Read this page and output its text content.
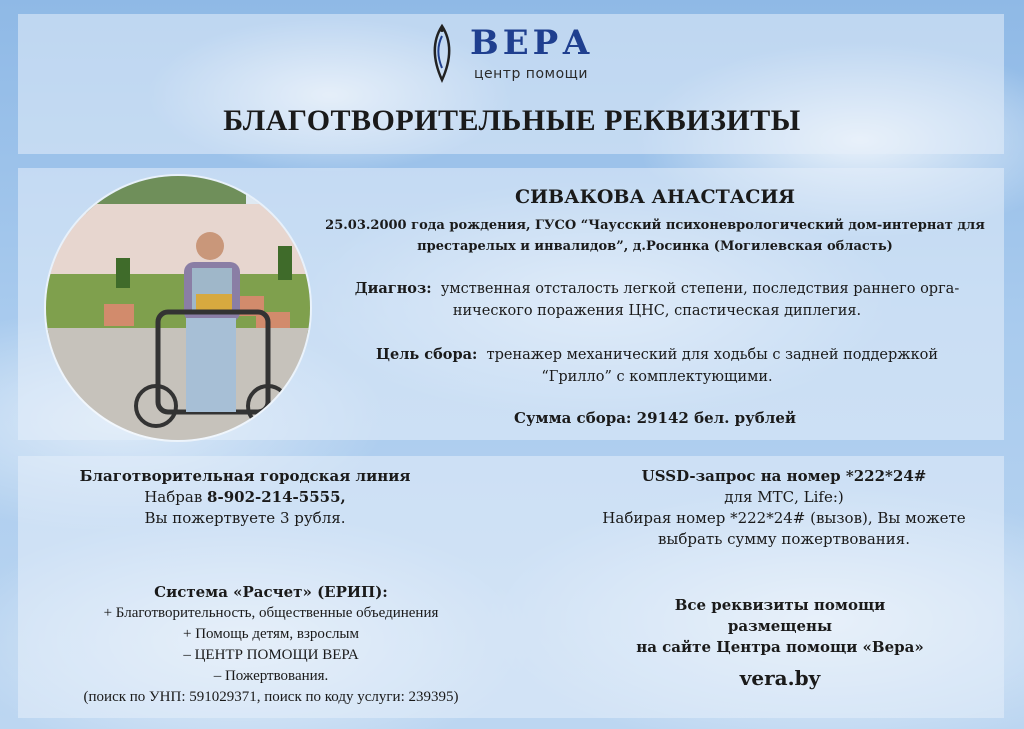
ВЕРА
центр помощи
БЛАГОТВОРИТЕЛЬНЫЕ РЕКВИЗИТЫ
СИВАКОВА АНАСТАСИЯ
25.03.2000 года рождения, ГУСО “Чаусский психоневрологический дом-интернат для
престарелых и инвалидов”, д.Росинка (Могилевская область)
Диагноз: умственная отсталость легкой степени, последствия раннего орга-
нического поражения ЦНС, спастическая диплегия.
Цель сбора: тренажер механический для ходьбы с задней поддержкой
“Грилло” с комплектующими.
Сумма сбора: 29142 бел. рублей
Благотворительная городская линия
Набрав 8-902-214-5555,
Вы пожертвуете 3 рубля.
USSD-запрос на номер *222*24#
для МТС, Life:)
Набирая номер *222*24# (вызов), Вы можете
выбрать сумму пожертвования.
Система «Расчет» (ЕРИП):
+ Благотворительность, общественные объединения
+ Помощь детям, взрослым
– ЦЕНТР ПОМОЩИ ВЕРА
– Пожертвования.
(поиск по УНП: 591029371, поиск по коду услуги: 239395)
Все реквизиты помощи
размещены
на сайте Центра помощи «Вера»
vera.by
